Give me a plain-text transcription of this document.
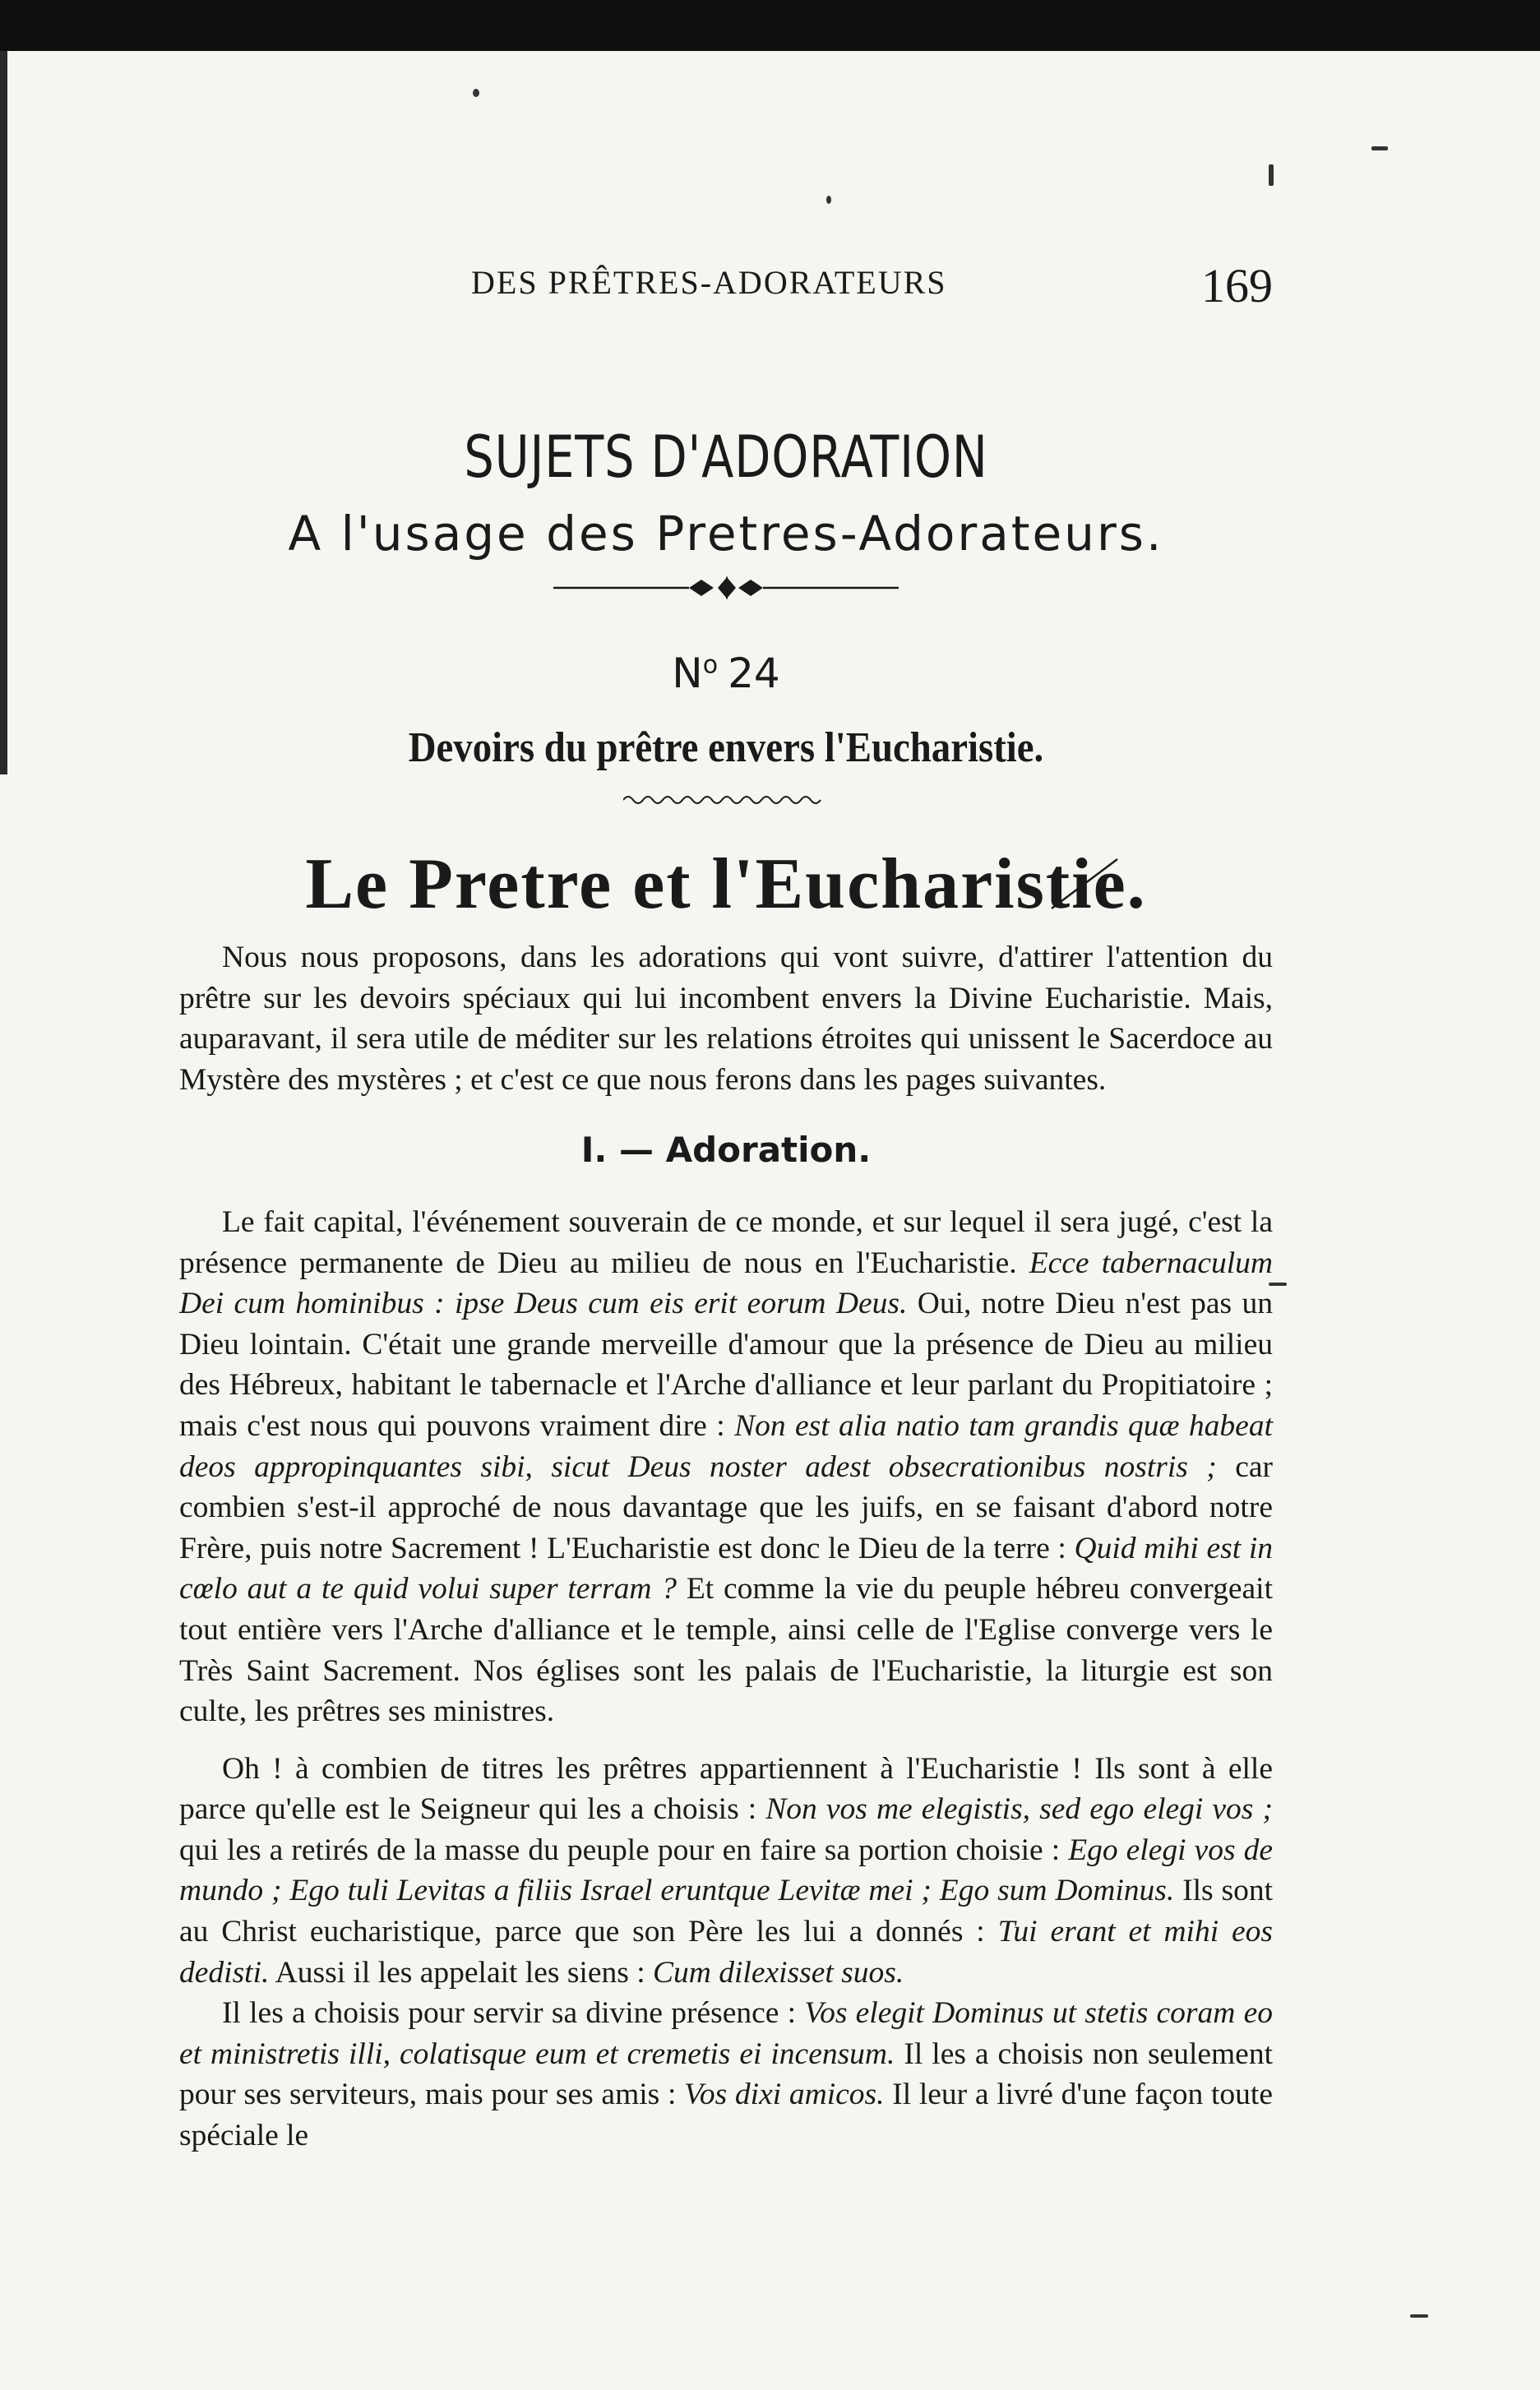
DES PRÊTRES-ADORATEURS	169
SUJETS D'ADORATION
A l'usage des Pretres-Adorateurs.
$N^o$ 24
Devoirs du prêtre envers l'Eucharistie.
Le Pretre et l'Eucharistie.

Nous nous proposons, dans les adorations qui vont suivre, d'attirer l'attention du prêtre sur les devoirs spéciaux qui lui incombent envers la Divine Eucharistie. Mais, auparavant, il sera utile de méditer sur les relations étroites qui unissent le Sacerdoce au Mystère des mystères ; et c'est ce que nous ferons dans les pages suivantes.

I. — Adoration.

Le fait capital, l'événement souverain de ce monde, et sur lequel il sera jugé, c'est la présence permanente de Dieu au milieu de nous en l'Eucharistie. Ecce tabernaculum Dei cum hominibus : ipse Deus cum eis erit eorum Deus. Oui, notre Dieu n'est pas un Dieu lointain. C'était une grande merveille d'amour que la présence de Dieu au milieu des Hébreux, habitant le tabernacle et l'Arche d'alliance et leur parlant du Propitiatoire ; mais c'est nous qui pouvons vraiment dire : Non est alia natio tam grandis quæ habeat deos appropinquantes sibi, sicut Deus noster adest obsecrationibus nostris ; car combien s'est-il approché de nous davantage que les juifs, en se faisant d'abord notre Frère, puis notre Sacrement ! L'Eucharistie est donc le Dieu de la terre : Quid mihi est in cœlo aut a te quid volui super terram ? Et comme la vie du peuple hébreu convergeait tout entière vers l'Arche d'alliance et le temple, ainsi celle de l'Eglise converge vers le Très Saint Sacrement. Nos églises sont les palais de l'Eucharistie, la liturgie est son culte, les prêtres ses ministres.

Oh ! à combien de titres les prêtres appartiennent à l'Eucharistie ! Ils sont à elle parce qu'elle est le Seigneur qui les a choisis : Non vos me elegistis, sed ego elegi vos ; qui les a retirés de la masse du peuple pour en faire sa portion choisie : Ego elegi vos de mundo ; Ego tuli Levitas a filiis Israel eruntque Levitæ mei ; Ego sum Dominus. Ils sont au Christ eucharistique, parce que son Père les lui a donnés : Tui erant et mihi eos dedisti. Aussi il les appelait les siens : Cum dilexisset suos.

Il les a choisis pour servir sa divine présence : Vos elegit Dominus ut stetis coram eo et ministretis illi, colatisque eum et cremetis ei incensum. Il les a choisis non seulement pour ses serviteurs, mais pour ses amis : Vos dixi amicos. Il leur a livré d'une façon toute spéciale le
